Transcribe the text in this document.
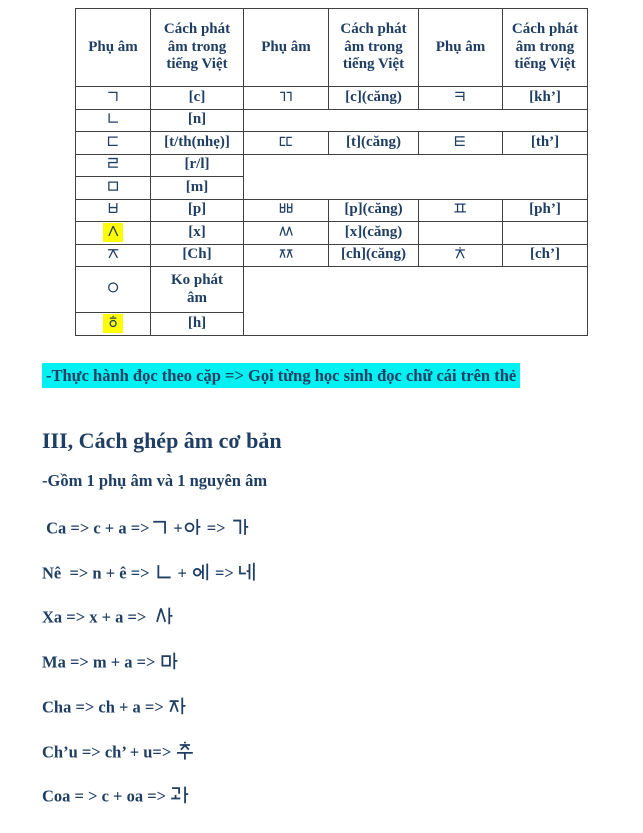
Phụ âm	Cách phát âm trong tiếng Việt	Phụ âm	Cách phát âm trong tiếng Việt	Phụ âm	Cách phát âm trong tiếng Việt
	[c]		[c](căng)		[kh’]
	[n]				
	[t/th(nhẹ)]		[t](căng)		[th’]
	[r/l]				
	[m]				
	[p]		[p](căng)		[ph’]
	[x]		[x](căng)		
	[Ch]		[ch](căng)		[ch’]
	Ko phát âm				
	[h]				
-Thực hành đọc theo cặp => Gọi từng học sinh đọc chữ cái trên thẻ
III, Cách ghép âm cơ bản
-Gồm 1 phụ âm và 1 nguyên âm
Ca => c + a => + =>
Nê  => n + ê =>  +  =>
Xa => x + a =>
Ma => m + a =>
Cha => ch + a =>
Ch’u => ch’ + u=>
Coa = > c + oa =>
